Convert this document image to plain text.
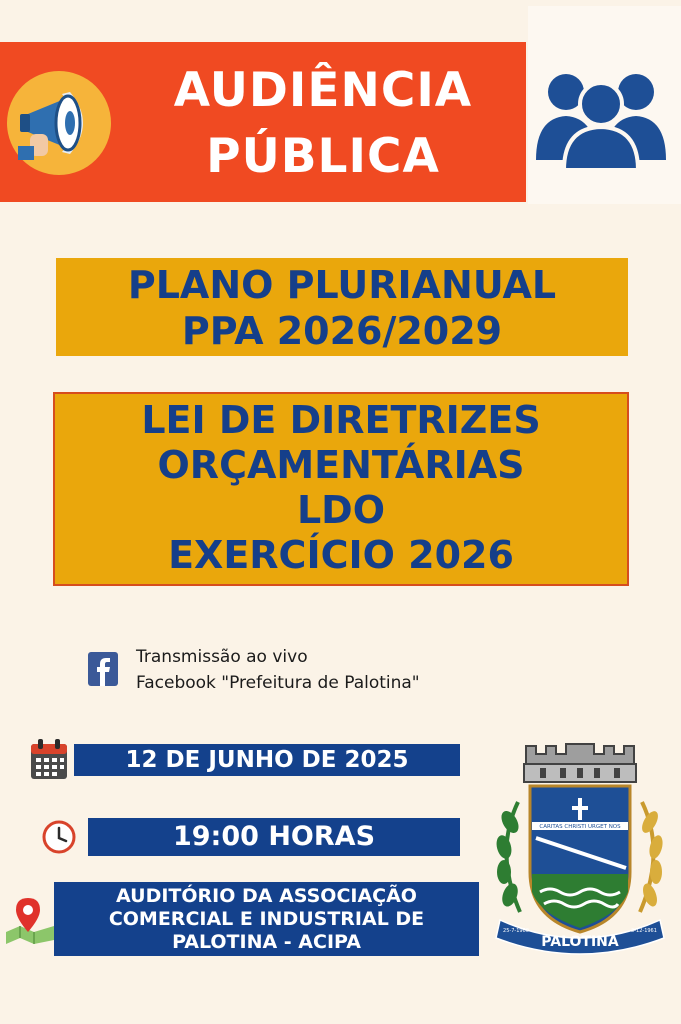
AUDIÊNCIA
PÚBLICA
PLANO PLURIANUAL
PPA 2026/2029
LEI DE DIRETRIZES
ORÇAMENTÁRIAS
LDO
EXERCÍCIO 2026
Transmissão ao vivo
Facebook "Prefeitura de Palotina"
12 DE JUNHO DE 2025
19:00 HORAS
AUDITÓRIO DA ASSOCIAÇÃO
COMERCIAL E INDUSTRIAL DE
PALOTINA - ACIPA
CARITAS CHRISTI URGET NOS
PALOTINA
25-7-1960	3-12-1961
